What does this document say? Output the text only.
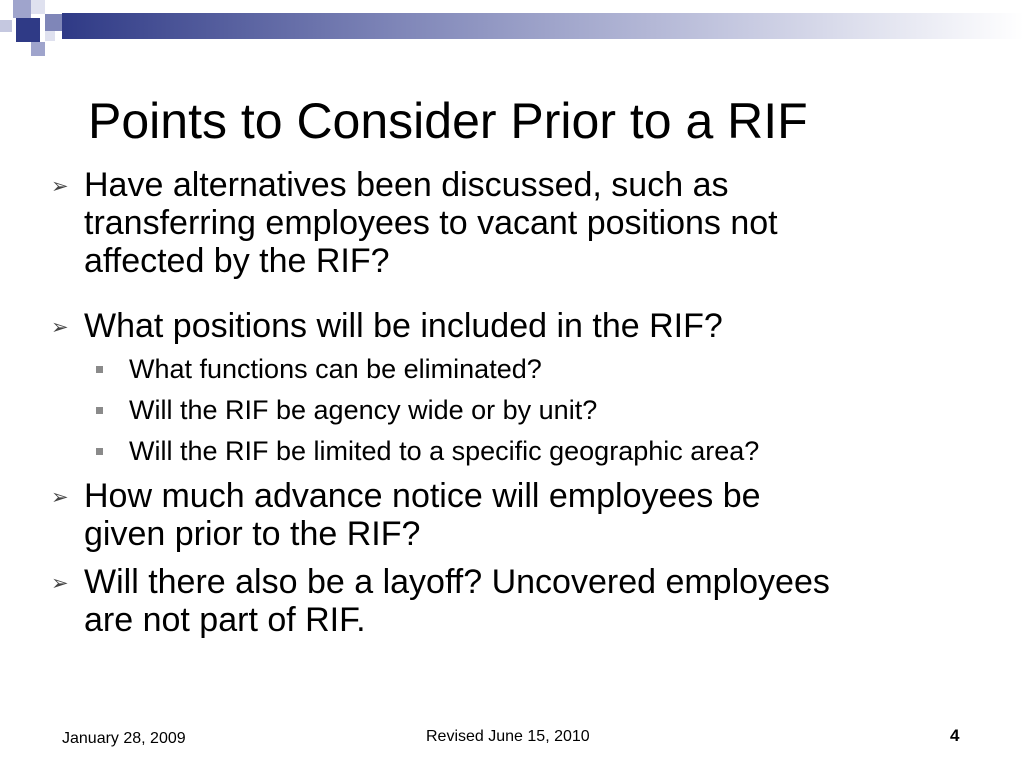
Points to Consider Prior to a RIF
➢ Have alternatives been discussed, such as
transferring employees to vacant positions not
affected by the RIF?
➢ What positions will be included in the RIF?
What functions can be eliminated?
Will the RIF be agency wide or by unit?
Will the RIF be limited to a specific geographic area?
➢ How much advance notice will employees be
given prior to the RIF?
➢ Will there also be a layoff? Uncovered employees
are not part of RIF.
January 28, 2009	Revised June 15, 2010	4
